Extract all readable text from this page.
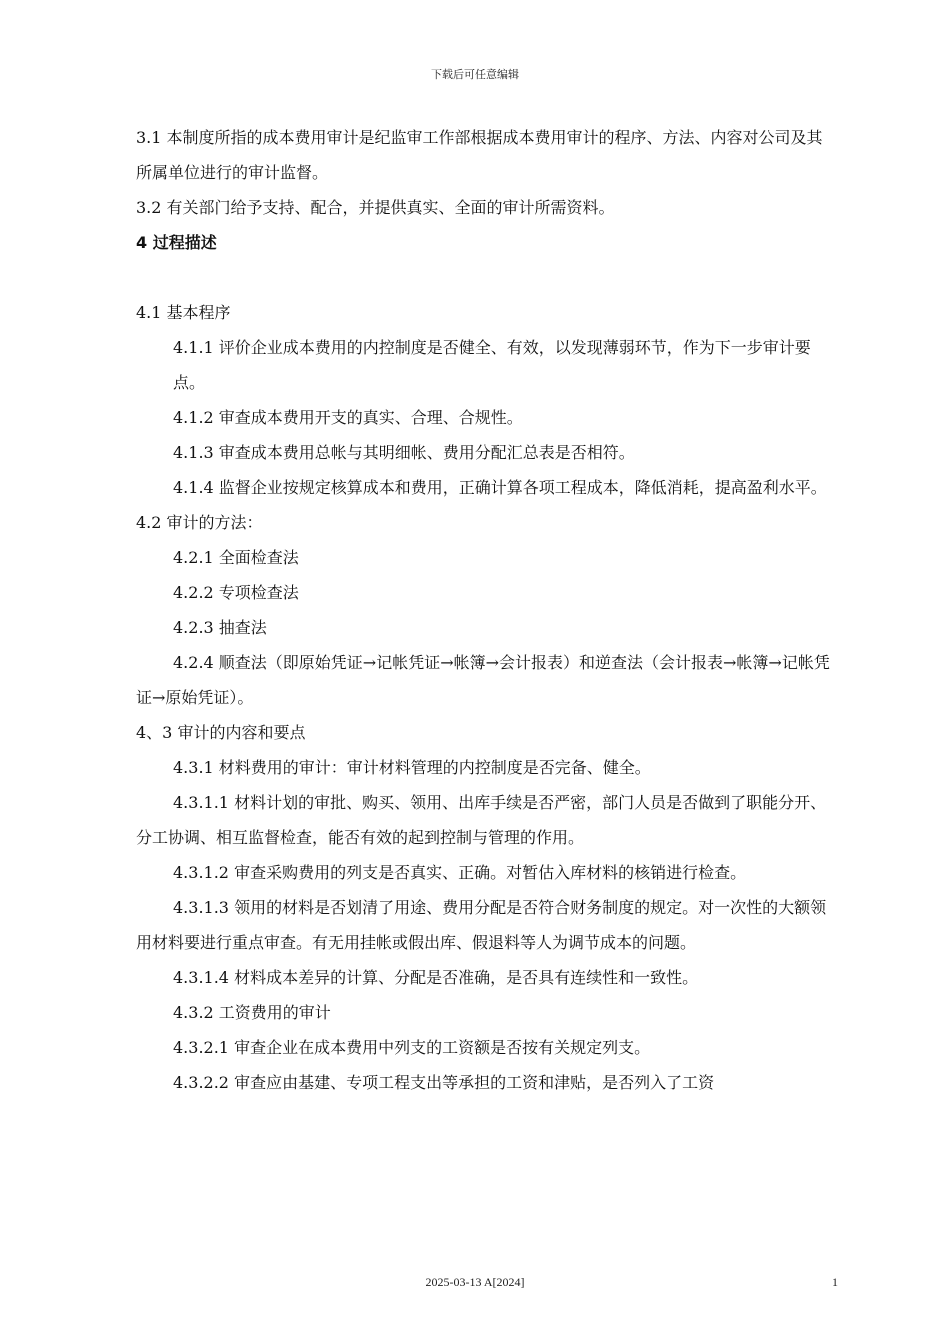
下载后可任意编辑

3.1 本制度所指的成本费用审计是纪监审工作部根据成本费用审计的程序、方法、内容对公司及其所属单位进行的审计监督。

3.2 有关部门给予支持、配合，并提供真实、全面的审计所需资料。

4 过程描述

4.1 基本程序

4.1.1 评价企业成本费用的内控制度是否健全、有效，以发现薄弱环节，作为下一步审计要点。

4.1.2 审查成本费用开支的真实、合理、合规性。

4.1.3 审查成本费用总帐与其明细帐、费用分配汇总表是否相符。

4.1.4 监督企业按规定核算成本和费用，正确计算各项工程成本，降低消耗，提高盈利水平。

4.2 审计的方法：

4.2.1 全面检查法

4.2.2 专项检查法

4.2.3 抽查法

4.2.4 顺查法（即原始凭证→记帐凭证→帐簿→会计报表）和逆查法（会计报表→帐簿→记帐凭证→原始凭证）。

4、3 审计的内容和要点

4.3.1 材料费用的审计：审计材料管理的内控制度是否完备、健全。

4.3.1.1 材料计划的审批、购买、领用、出库手续是否严密，部门人员是否做到了职能分开、分工协调、相互监督检查，能否有效的起到控制与管理的作用。

4.3.1.2 审查采购费用的列支是否真实、正确。对暂估入库材料的核销进行检查。

4.3.1.3 领用的材料是否划清了用途、费用分配是否符合财务制度的规定。对一次性的大额领用材料要进行重点审查。有无用挂帐或假出库、假退料等人为调节成本的问题。

4.3.1.4 材料成本差异的计算、分配是否准确，是否具有连续性和一致性。

4.3.2 工资费用的审计

4.3.2.1 审查企业在成本费用中列支的工资额是否按有关规定列支。

4.3.2.2 审查应由基建、专项工程支出等承担的工资和津贴，是否列入了工资

2025-03-13 A[2024]	1
